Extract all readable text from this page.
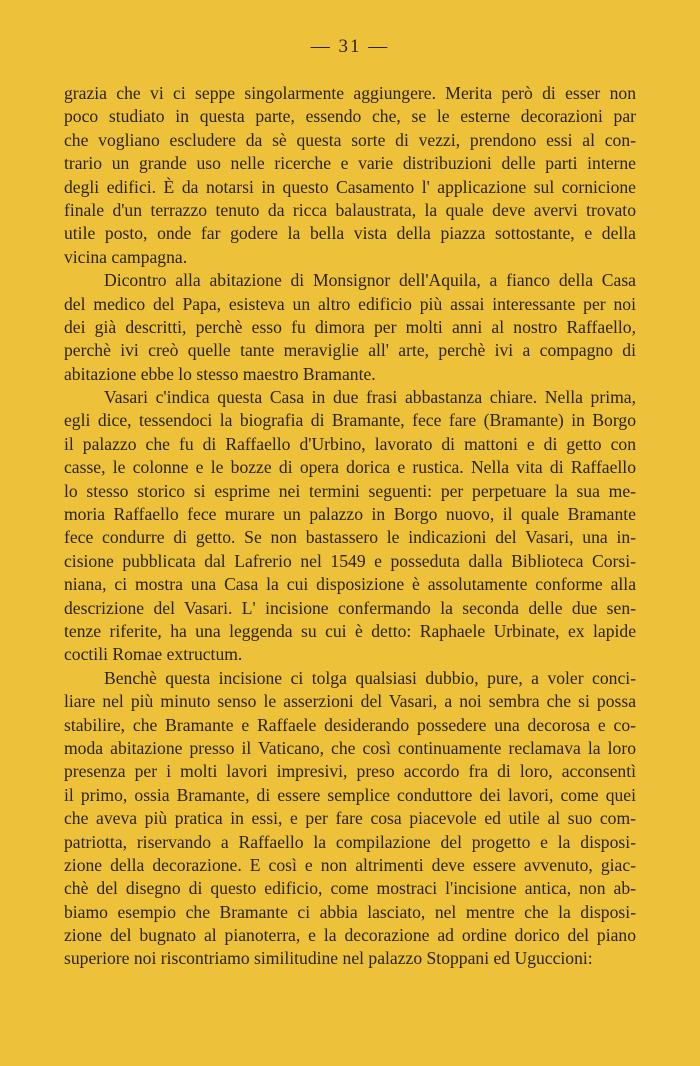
— 31 —
grazia che vi ci seppe singolarmente aggiungere. Merita però di esser non
poco studiato in questa parte, essendo che, se le esterne decorazioni par
che vogliano escludere da sè questa sorte di vezzi, prendono essi al con-
trario un grande uso nelle ricerche e varie distribuzioni delle parti interne
degli edifici. È da notarsi in questo Casamento l' applicazione sul cornicione
finale d'un terrazzo tenuto da ricca balaustrata, la quale deve avervi trovato
utile posto, onde far godere la bella vista della piazza sottostante, e della
vicina campagna.
Dicontro alla abitazione di Monsignor dell'Aquila, a fianco della Casa
del medico del Papa, esisteva un altro edificio più assai interessante per noi
dei già descritti, perchè esso fu dimora per molti anni al nostro Raffaello,
perchè ivi creò quelle tante meraviglie all' arte, perchè ivi a compagno di
abitazione ebbe lo stesso maestro Bramante.
Vasari c'indica questa Casa in due frasi abbastanza chiare. Nella prima,
egli dice, tessendoci la biografia di Bramante, fece fare (Bramante) in Borgo
il palazzo che fu di Raffaello d'Urbino, lavorato di mattoni e di getto con
casse, le colonne e le bozze di opera dorica e rustica. Nella vita di Raffaello
lo stesso storico si esprime nei termini seguenti: per perpetuare la sua me-
moria Raffaello fece murare un palazzo in Borgo nuovo, il quale Bramante
fece condurre di getto. Se non bastassero le indicazioni del Vasari, una in-
cisione pubblicata dal Lafrerio nel 1549 e posseduta dalla Biblioteca Corsi-
niana, ci mostra una Casa la cui disposizione è assolutamente conforme alla
descrizione del Vasari. L' incisione confermando la seconda delle due sen-
tenze riferite, ha una leggenda su cui è detto: Raphaele Urbinate, ex lapide
coctili Romae extructum.
Benchè questa incisione ci tolga qualsiasi dubbio, pure, a voler conci-
liare nel più minuto senso le asserzioni del Vasari, a noi sembra che si possa
stabilire, che Bramante e Raffaele desiderando possedere una decorosa e co-
moda abitazione presso il Vaticano, che così continuamente reclamava la loro
presenza per i molti lavori impresivi, preso accordo fra di loro, acconsentì
il primo, ossia Bramante, di essere semplice conduttore dei lavori, come quei
che aveva più pratica in essi, e per fare cosa piacevole ed utile al suo com-
patriotta, riservando a Raffaello la compilazione del progetto e la disposi-
zione della decorazione. E così e non altrimenti deve essere avvenuto, giac-
chè del disegno di questo edificio, come mostraci l'incisione antica, non ab-
biamo esempio che Bramante ci abbia lasciato, nel mentre che la disposi-
zione del bugnato al pianoterra, e la decorazione ad ordine dorico del piano
superiore noi riscontriamo similitudine nel palazzo Stoppani ed Uguccioni:
